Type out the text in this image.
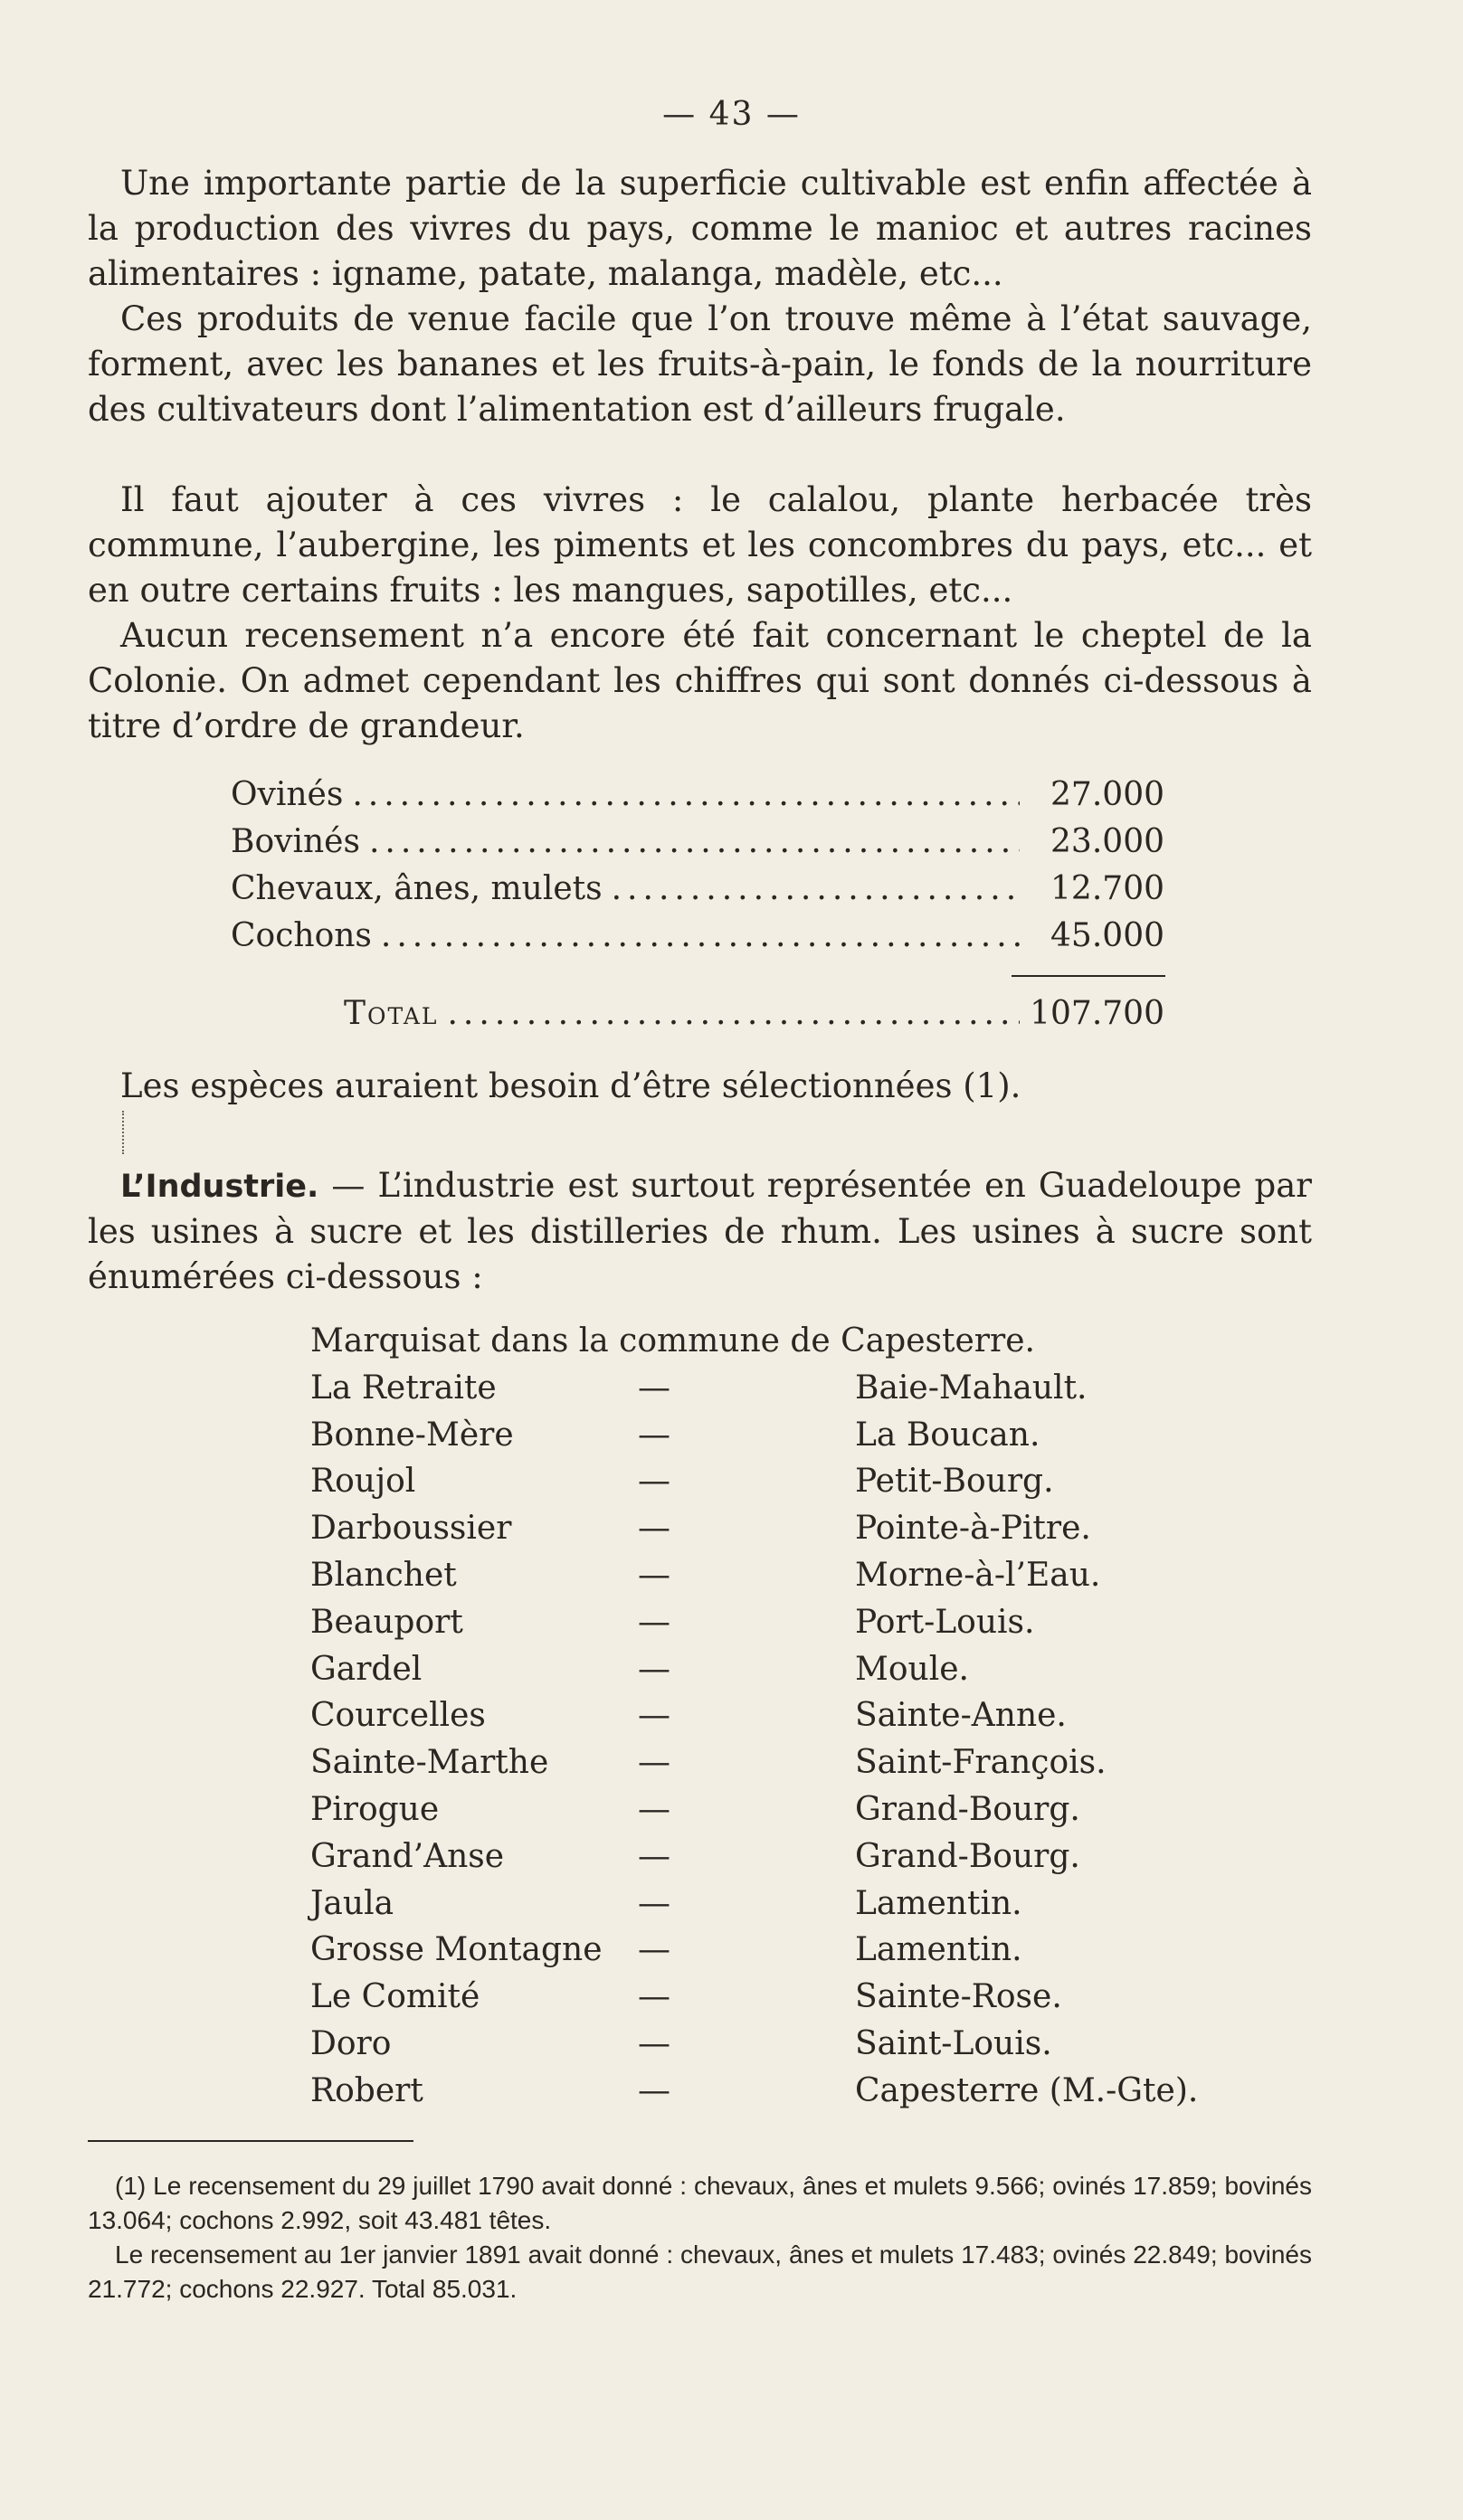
— 43 —

Une importante partie de la superficie cultivable est enfin affectée à la production des vivres du pays, comme le manioc et autres racines alimentaires : igname, patate, malanga, madèle, etc...

Ces produits de venue facile que l’on trouve même à l’état sauvage, forment, avec les bananes et les fruits-à-pain, le fonds de la nourriture des cultivateurs dont l’alimentation est d’ailleurs frugale.

Il faut ajouter à ces vivres : le calalou, plante herbacée très commune, l’aubergine, les piments et les concombres du pays, etc... et en outre certains fruits : les mangues, sapotilles, etc...

Aucun recensement n’a encore été fait concernant le cheptel de la Colonie. On admet cependant les chiffres qui sont donnés ci-dessous à titre d’ordre de grandeur.

Ovinés .....	27.000
Bovinés .....	23.000
Chevaux, ânes, mulets .....	12.700
Cochons .....	45.000
Total .....	107.700

Les espèces auraient besoin d’être sélectionnées (1).

L’Industrie. — L’industrie est surtout représentée en Guadeloupe par les usines à sucre et les distilleries de rhum. Les usines à sucre sont énumérées ci-dessous :

Marquisat dans la commune de Capesterre.
La Retraite	—	Baie-Mahault.
Bonne-Mère	—	La Boucan.
Roujol	—	Petit-Bourg.
Darboussier	—	Pointe-à-Pitre.
Blanchet	—	Morne-à-l’Eau.
Beauport	—	Port-Louis.
Gardel	—	Moule.
Courcelles	—	Sainte-Anne.
Sainte-Marthe	—	Saint-François.
Pirogue	—	Grand-Bourg.
Grand’Anse	—	Grand-Bourg.
Jaula	—	Lamentin.
Grosse Montagne	—	Lamentin.
Le Comité	—	Sainte-Rose.
Doro	—	Saint-Louis.
Robert	—	Capesterre (M.-Gte).

(1) Le recensement du 29 juillet 1790 avait donné : chevaux, ânes et mulets 9.566; ovinés 17.859; bovinés 13.064; cochons 2.992, soit 43.481 têtes.

Le recensement au 1er janvier 1891 avait donné : chevaux, ânes et mulets 17.483; ovinés 22.849; bovinés 21.772; cochons 22.927. Total 85.031.
